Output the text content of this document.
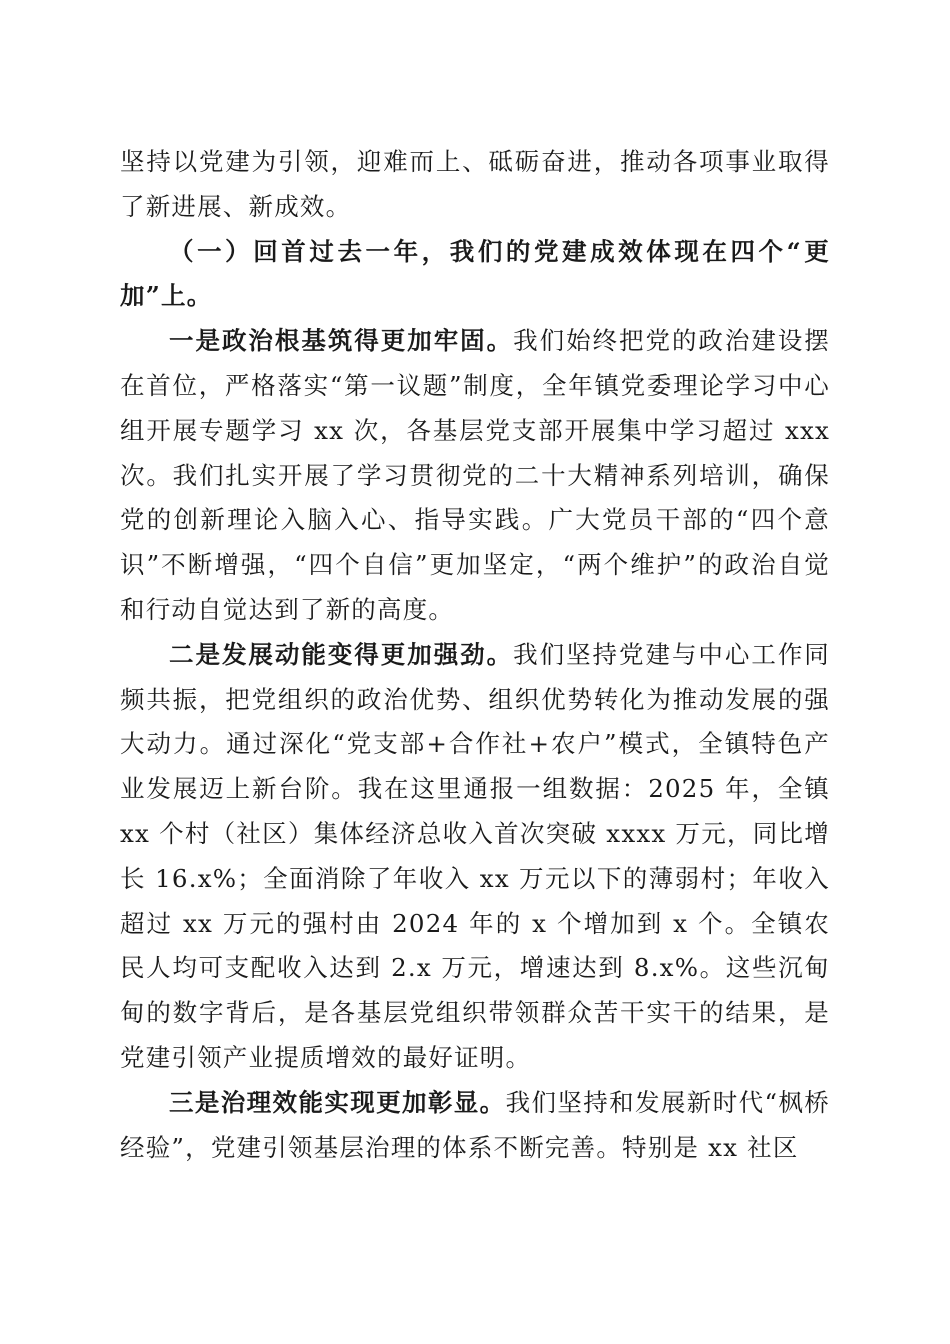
坚持以党建为引领，迎难而上、砥砺奋进，推动各项事业取得了新进展、新成效。

（一）回首过去一年，我们的党建成效体现在四个“更加”上。

一是政治根基筑得更加牢固。我们始终把党的政治建设摆在首位，严格落实“第一议题”制度，全年镇党委理论学习中心组开展专题学习 xx 次，各基层党支部开展集中学习超过 xxx 次。我们扎实开展了学习贯彻党的二十大精神系列培训，确保党的创新理论入脑入心、指导实践。广大党员干部的“四个意识”不断增强，“四个自信”更加坚定，“两个维护”的政治自觉和行动自觉达到了新的高度。

二是发展动能变得更加强劲。我们坚持党建与中心工作同频共振，把党组织的政治优势、组织优势转化为推动发展的强大动力。通过深化“党支部+合作社+农户”模式，全镇特色产业发展迈上新台阶。我在这里通报一组数据：2025 年，全镇 xx 个村（社区）集体经济总收入首次突破 xxxx 万元，同比增长 16.x%；全面消除了年收入 xx 万元以下的薄弱村；年收入超过 xx 万元的强村由 2024 年的 x 个增加到 x 个。全镇农民人均可支配收入达到 2.x 万元，增速达到 8.x%。这些沉甸甸的数字背后，是各基层党组织带领群众苦干实干的结果，是党建引领产业提质增效的最好证明。

三是治理效能实现更加彰显。我们坚持和发展新时代“枫桥经验”，党建引领基层治理的体系不断完善。特别是 xx 社区
